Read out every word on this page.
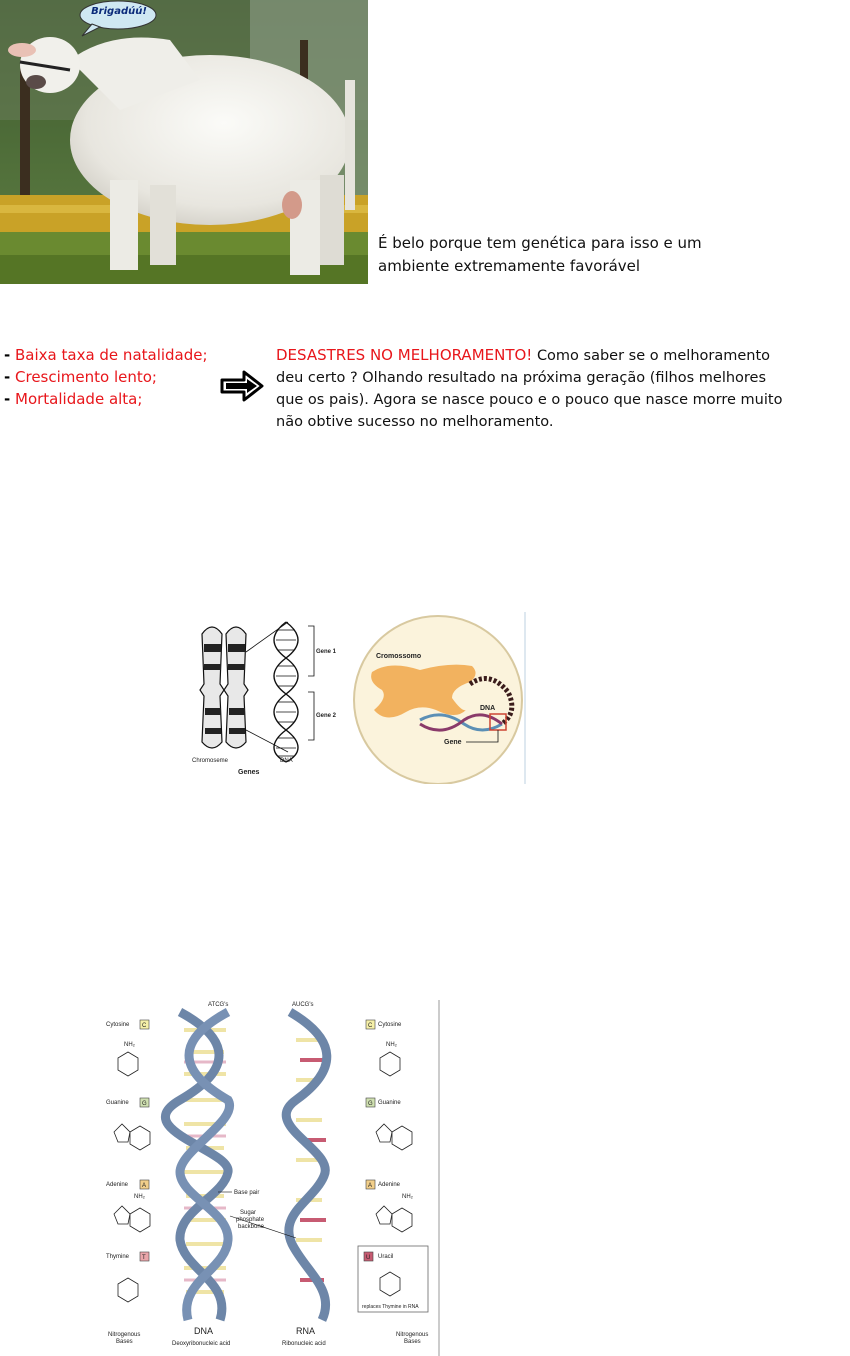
Brigadúú!
É belo porque tem genética para isso e um
ambiente extremamente favorável
- Baixa taxa de natalidade;
- Crescimento lento;
- Mortalidade alta;
DESASTRES NO MELHORAMENTO! Como saber se o melhoramento
deu certo ? Olhando resultado na próxima geração (filhos melhores
que os pais). Agora se nasce pouco e o pouco que nasce morre muito
não obtive sucesso no melhoramento.
Gene 1
Gene 2
Chromoseme	DNA
Genes
Cromossomo
DNA
Gene
ATCG's	AUCG's
Cytosine C
NH₂
Guanine G
Adenine A
NH₂
Thymine T
C Cytosine
NH₂
G Guanine
A Adenine
NH₂
U Uracil
replaces Thymine in RNA
Base pair
Sugar
phosphate
backbone
DNA
Deoxyribonucleic acid
RNA
Ribonucleic acid
Nitrogenous
Bases
Nitrogenous
Bases
